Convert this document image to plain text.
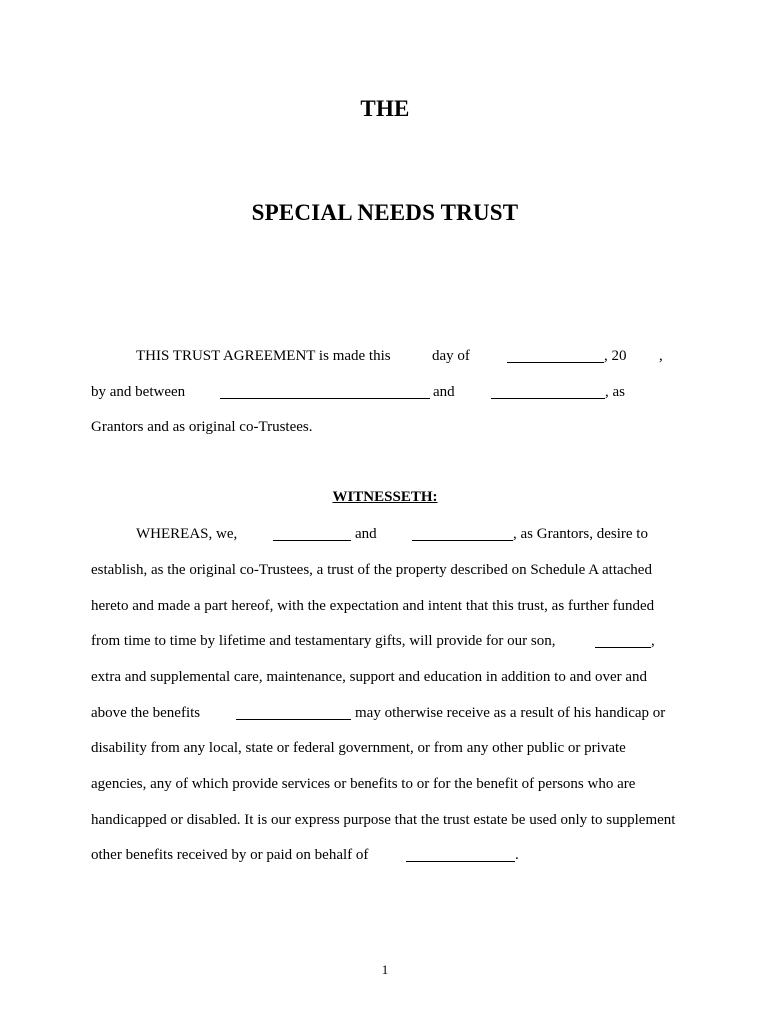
THE
SPECIAL NEEDS TRUST
THIS TRUST AGREEMENT is made this	day of	, 20 ,
by and between	and	, as
Grantors and as original co-Trustees.
WITNESSETH:
WHEREAS, we,	and	, as Grantors, desire to
establish, as the original co-Trustees, a trust of the property described on Schedule A attached
hereto and made a part hereof, with the expectation and intent that this trust, as further funded
from time to time by lifetime and testamentary gifts, will provide for our son,	,
extra and supplemental care, maintenance, support and education in addition to and over and
above the benefits	may otherwise receive as a result of his handicap or
disability from any local, state or federal government, or from any other public or private
agencies, any of which provide services or benefits to or for the benefit of persons who are
handicapped or disabled. It is our express purpose that the trust estate be used only to supplement
other benefits received by or paid on behalf of	.
1
